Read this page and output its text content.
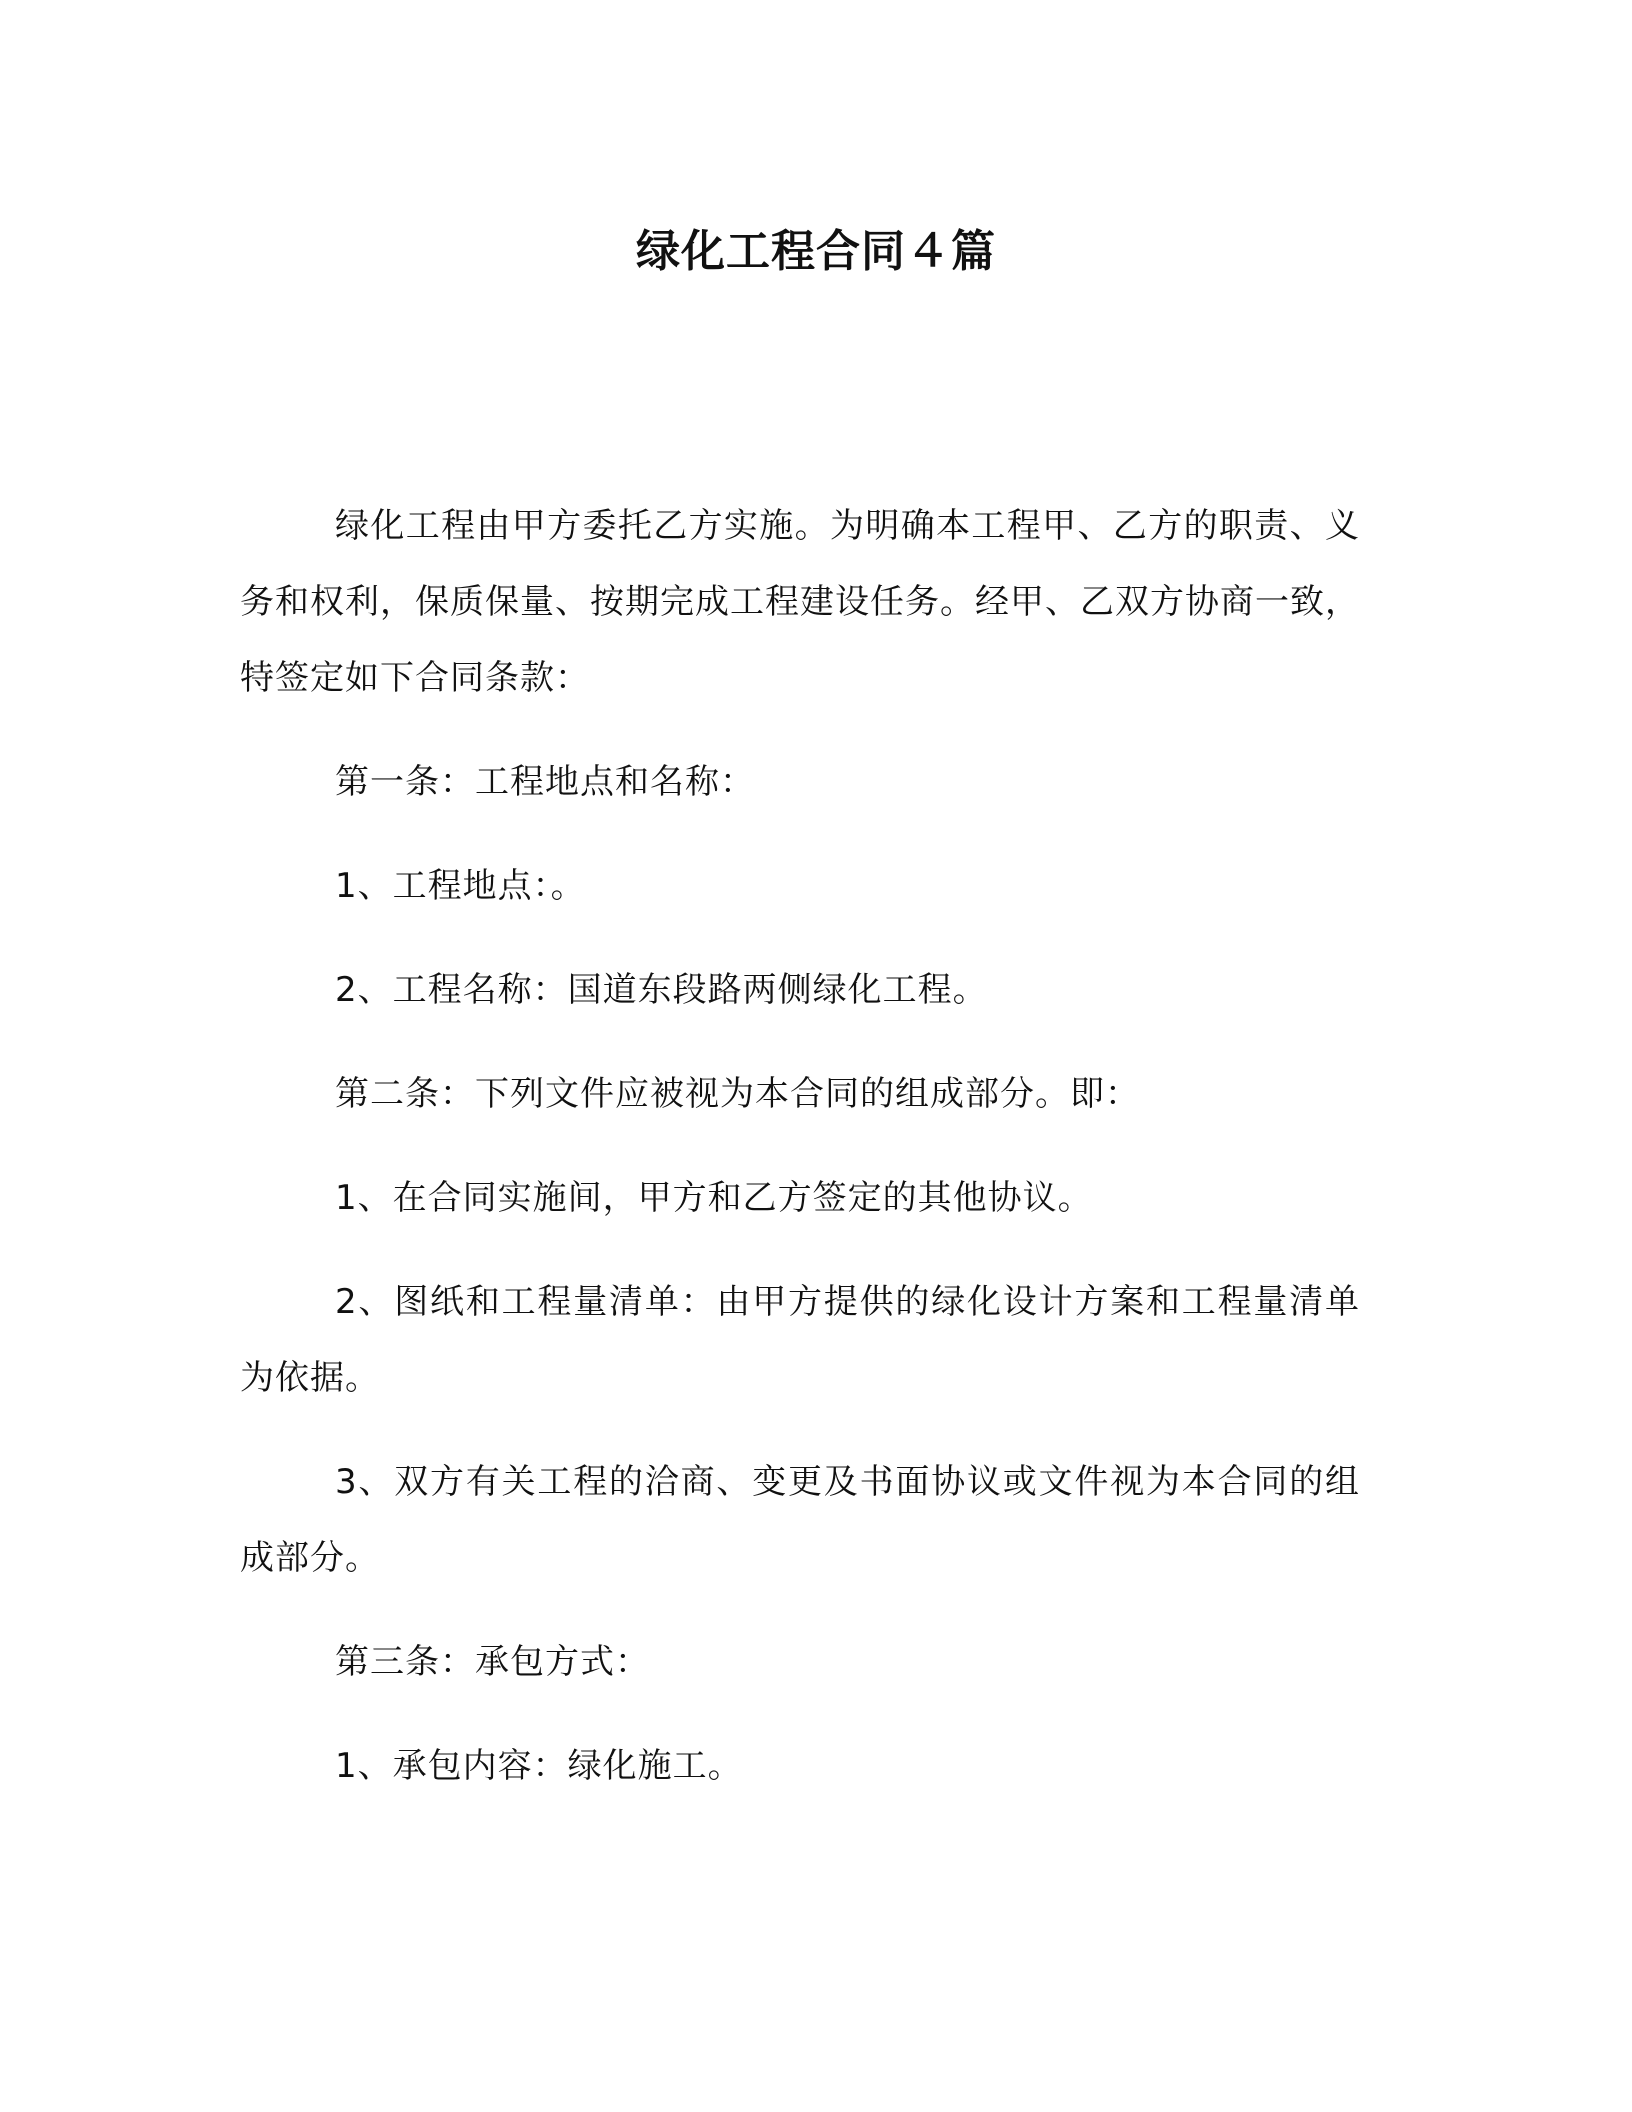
绿化工程合同４篇

绿化工程由甲方委托乙方实施。为明确本工程甲、乙方的职责、义务和权利，保质保量、按期完成工程建设任务。经甲、乙双方协商一致，特签定如下合同条款：

第一条：工程地点和名称：

1、工程地点：。

2、工程名称：国道东段路两侧绿化工程。

第二条：下列文件应被视为本合同的组成部分。即：

1、在合同实施间，甲方和乙方签定的其他协议。

2、图纸和工程量清单：由甲方提供的绿化设计方案和工程量清单为依据。

3、双方有关工程的洽商、变更及书面协议或文件视为本合同的组成部分。

第三条：承包方式：

1、承包内容：绿化施工。
